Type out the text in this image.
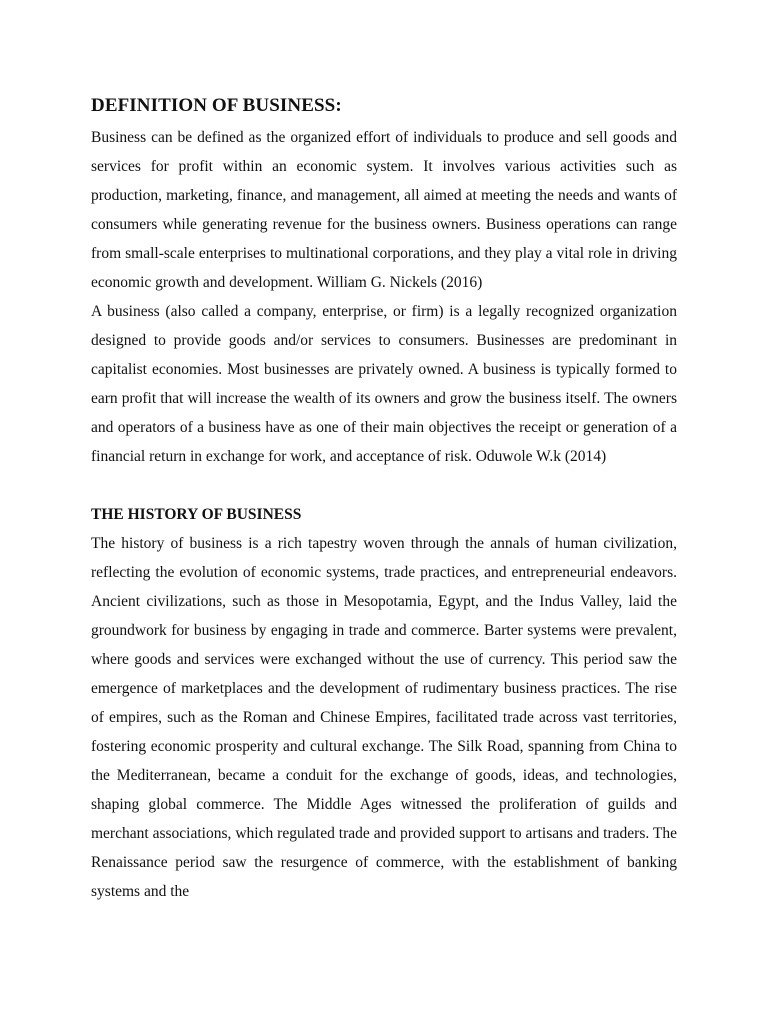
DEFINITION OF BUSINESS:

Business can be defined as the organized effort of individuals to produce and sell goods and services for profit within an economic system. It involves various activities such as production, marketing, finance, and management, all aimed at meeting the needs and wants of consumers while generating revenue for the business owners. Business operations can range from small-scale enterprises to multinational corporations, and they play a vital role in driving economic growth and development. William G. Nickels (2016)

A business (also called a company, enterprise, or firm) is a legally recognized organization designed to provide goods and/or services to consumers. Businesses are predominant in capitalist economies. Most businesses are privately owned. A business is typically formed to earn profit that will increase the wealth of its owners and grow the business itself. The owners and operators of a business have as one of their main objectives the receipt or generation of a financial return in exchange for work, and acceptance of risk. Oduwole W.k (2014)

THE HISTORY OF BUSINESS

The history of business is a rich tapestry woven through the annals of human civilization, reflecting the evolution of economic systems, trade practices, and entrepreneurial endeavors. Ancient civilizations, such as those in Mesopotamia, Egypt, and the Indus Valley, laid the groundwork for business by engaging in trade and commerce. Barter systems were prevalent, where goods and services were exchanged without the use of currency. This period saw the emergence of marketplaces and the development of rudimentary business practices. The rise of empires, such as the Roman and Chinese Empires, facilitated trade across vast territories, fostering economic prosperity and cultural exchange. The Silk Road, spanning from China to the Mediterranean, became a conduit for the exchange of goods, ideas, and technologies, shaping global commerce. The Middle Ages witnessed the proliferation of guilds and merchant associations, which regulated trade and provided support to artisans and traders. The Renaissance period saw the resurgence of commerce, with the establishment of banking systems and the
